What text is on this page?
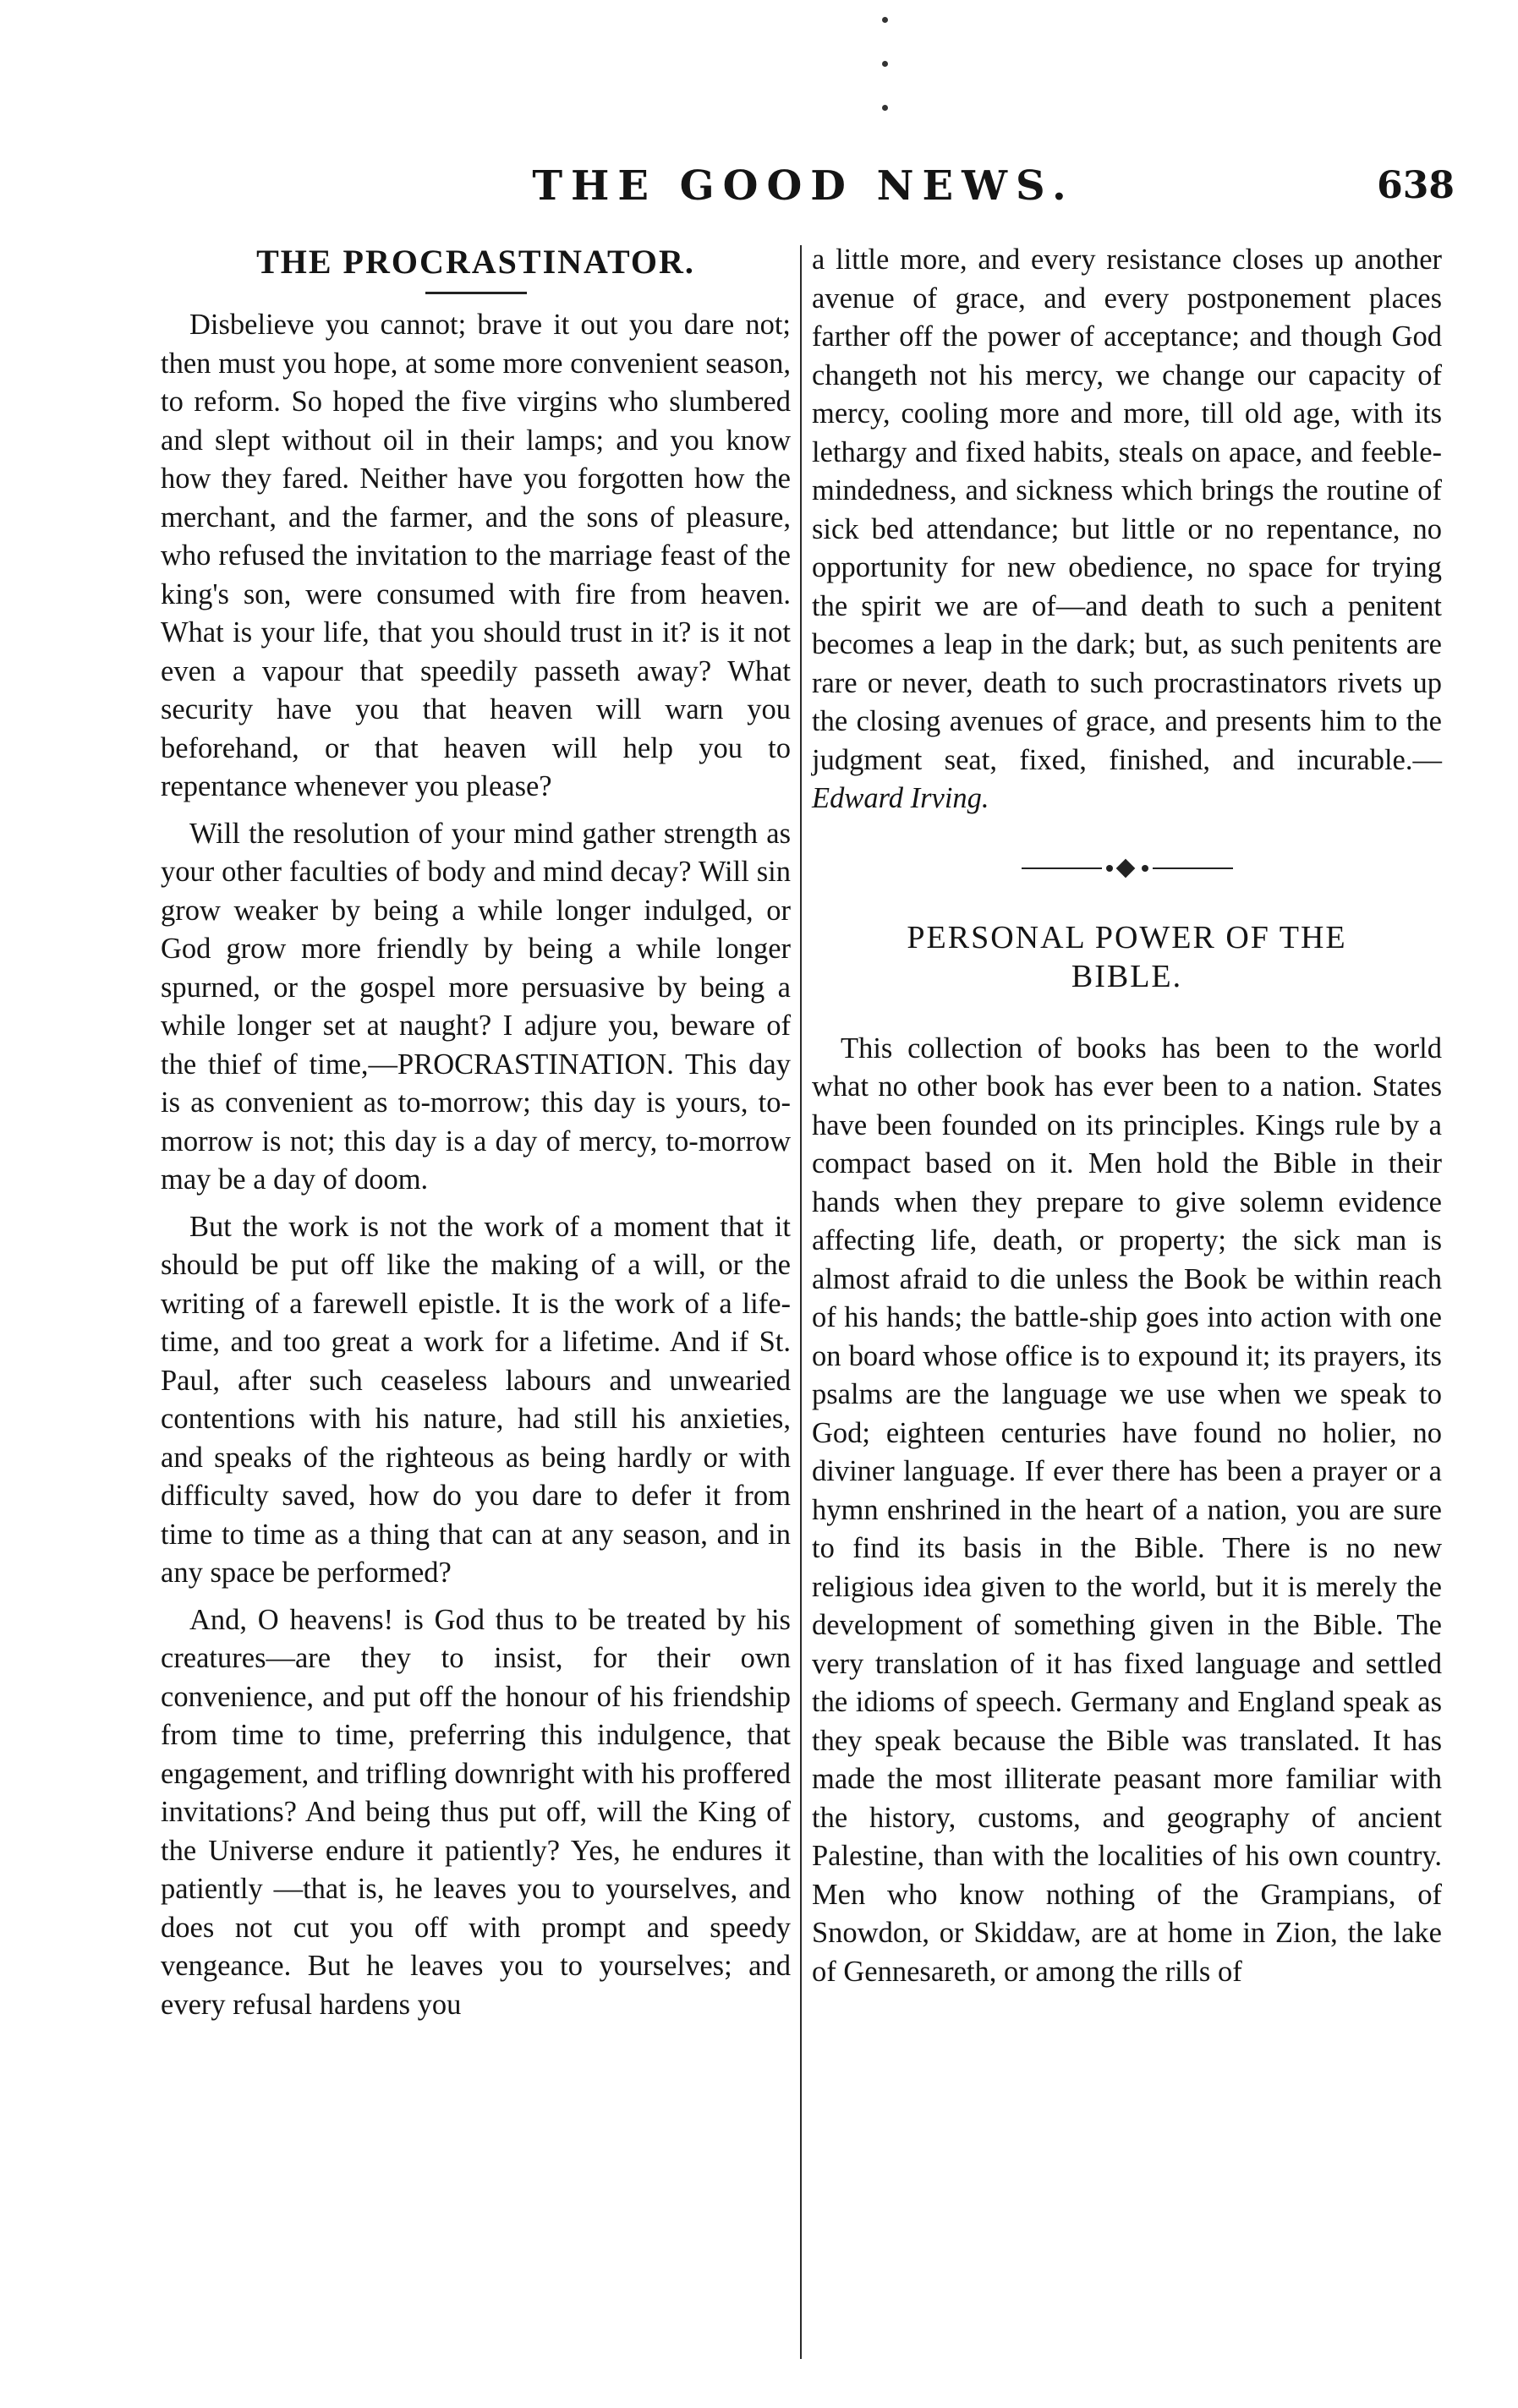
THE GOOD NEWS.	638
THE PROCRASTINATOR.

Disbelieve you cannot; brave it out you dare not; then must you hope, at some more convenient season, to reform. So hoped the five virgins who slumbered and slept without oil in their lamps; and you know how they fared. Neither have you forgotten how the merchant, and the farmer, and the sons of pleasure, who refused the invitation to the marriage feast of the king's son, were consumed with fire from heaven. What is your life, that you should trust in it? is it not even a vapour that speedily passeth away? What security have you that heaven will warn you beforehand, or that heaven will help you to repentance whenever you please?

Will the resolution of your mind gather strength as your other faculties of body and mind decay? Will sin grow weaker by being a while longer indulged, or God grow more friendly by being a while longer spurned, or the gospel more persuasive by being a while longer set at naught? I adjure you, beware of the thief of time,—PROCRASTINATION. This day is as convenient as to-morrow; this day is yours, to-morrow is not; this day is a day of mercy, to-morrow may be a day of doom.

But the work is not the work of a moment that it should be put off like the making of a will, or the writing of a farewell epistle. It is the work of a life-time, and too great a work for a lifetime. And if St. Paul, after such ceaseless labours and unwearied contentions with his nature, had still his anxieties, and speaks of the righteous as being hardly or with difficulty saved, how do you dare to defer it from time to time as a thing that can at any season, and in any space be performed?

And, O heavens! is God thus to be treated by his creatures—are they to insist, for their own convenience, and put off the honour of his friendship from time to time, preferring this indulgence, that engagement, and trifling downright with his proffered invitations? And being thus put off, will the King of the Universe endure it patiently? Yes, he endures it patiently —that is, he leaves you to yourselves, and does not cut you off with prompt and speedy vengeance. But he leaves you to yourselves; and every refusal hardens you

a little more, and every resistance closes up another avenue of grace, and every postponement places farther off the power of acceptance; and though God changeth not his mercy, we change our capacity of mercy, cooling more and more, till old age, with its lethargy and fixed habits, steals on apace, and feeble-mindedness, and sickness which brings the routine of sick bed attendance; but little or no repentance, no opportunity for new obedience, no space for trying the spirit we are of—and death to such a penitent becomes a leap in the dark; but, as such penitents are rare or never, death to such procrastinators rivets up the closing avenues of grace, and presents him to the judgment seat, fixed, finished, and incurable.—Edward Irving.

PERSONAL POWER OF THE
BIBLE.

This collection of books has been to the world what no other book has ever been to a nation. States have been founded on its principles. Kings rule by a compact based on it. Men hold the Bible in their hands when they prepare to give solemn evidence affecting life, death, or property; the sick man is almost afraid to die unless the Book be within reach of his hands; the battle-ship goes into action with one on board whose office is to expound it; its prayers, its psalms are the language we use when we speak to God; eighteen centuries have found no holier, no diviner language. If ever there has been a prayer or a hymn enshrined in the heart of a nation, you are sure to find its basis in the Bible. There is no new religious idea given to the world, but it is merely the development of something given in the Bible. The very translation of it has fixed language and settled the idioms of speech. Germany and England speak as they speak because the Bible was translated. It has made the most illiterate peasant more familiar with the history, customs, and geography of ancient Palestine, than with the localities of his own country. Men who know nothing of the Grampians, of Snowdon, or Skiddaw, are at home in Zion, the lake of Gennesareth, or among the rills of
